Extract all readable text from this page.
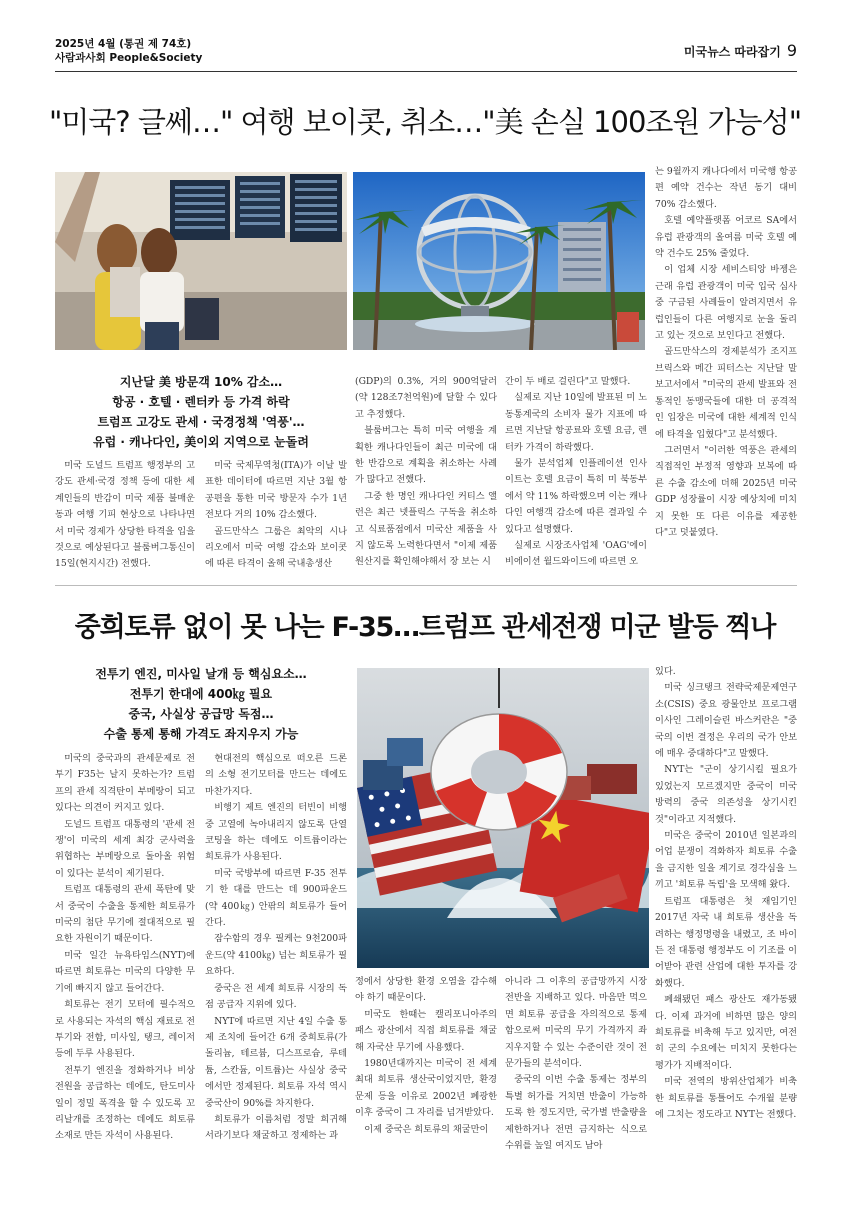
2025년 4월 (통권 제 74호)
사람과사회 People&Society	미국뉴스 따라잡기 9
"미국? 글쎄…" 여행 보이콧, 취소…"美 손실 100조원 가능성"
지난달 美 방문객 10% 감소…
항공 · 호텔 · 렌터카 등 가격 하락
트럼프 고강도 관세 · 국경정책 '역풍'…
유럽 · 캐나다인, 美이외 지역으로 눈돌려

미국 도널드 트럼프 행정부의 고강도 관세·국경 정책 등에 대한 세계인들의 반감이 미국 제품 불매운동과 여행 기피 현상으로 나타나면서 미국 경제가 상당한 타격을 입을 것으로 예상된다고 블룸버그통신이 15일(현지시간) 전했다.

미국 국제무역청(ITA)가 이날 발표한 데이터에 따르면 지난 3월 항공편을 통한 미국 방문자 수가 1년 전보다 거의 10% 감소했다.

골드만삭스 그룹은 최악의 시나리오에서 미국 여행 감소와 보이콧에 따른 타격이 올해 국내총생산

(GDP)의 0.3%, 거의 900억달러(약 128조7천억원)에 달할 수 있다고 추정했다.

블룸버그는 특히 미국 여행을 계획한 캐나다인들이 최근 미국에 대한 반감으로 계획을 취소하는 사례가 많다고 전했다.

그중 한 명인 캐나다인 커티스 앨런은 최근 넷플릭스 구독을 취소하고 식료품점에서 미국산 제품을 사지 않도록 노력한다면서 "이제 제품 원산지를 확인해야해서 장 보는 시

간이 두 배로 걸린다"고 말했다.

실제로 지난 10일에 발표된 미 노동통계국의 소비자 물가 지표에 따르면 지난달 항공료와 호텔 요금, 렌터카 가격이 하락했다.

물가 분석업체 인플레이션 인사이트는 호텔 요금이 특히 미 북동부에서 약 11% 하락했으며 이는 캐나다인 여행객 감소에 따른 결과일 수 있다고 설명했다.

실제로 시장조사업체 'OAG'에이비에이션 월드와이드에 따르면 오

는 9월까지 캐나다에서 미국행 항공편 예약 건수는 작년 동기 대비 70% 감소했다.

호텔 예약플랫폼 어코르 SA에서 유럽 관광객의 올여름 미국 호텔 예약 건수도 25% 줄었다.

이 업체 시장 세비스티앙 바젱은 근래 유럽 관광객이 미국 입국 심사 중 구금된 사례들이 알려지면서 유럽인들이 다른 여행지로 눈을 돌리고 있는 것으로 보인다고 전했다.

골드만삭스의 경제분석가 조지프 브릭스와 메간 피터스는 지난달 말 보고서에서 "미국의 관세 발표와 전통적인 동맹국들에 대한 더 공격적인 입장은 미국에 대한 세계적 인식에 타격을 입혔다"고 분석했다.

그러면서 "이러한 역풍은 관세의 직접적인 부정적 영향과 보복에 따른 수출 감소에 더해 2025년 미국 GDP 성장률이 시장 예상치에 미치지 못한 또 다른 이유를 제공한다"고 덧붙였다.

중희토류 없이 못 나는 F-35…트럼프 관세전쟁 미군 발등 찍나
전투기 엔진, 미사일 날개 등 핵심요소…
전투기 한대에 400㎏ 필요
중국, 사실상 공급망 독점…
수출 통제 통해 가격도 좌지우지 가능

미국의 중국과의 관세문제로 전투기 F35는 날지 못하는가? 트럼프의 관세 직격탄이 부메랑이 되고 있다는 의견이 커지고 있다.

도널드 트럼프 대통령의 '관세 전쟁'이 미국의 세계 최강 군사력을 위협하는 부메랑으로 돌아올 위험이 있다는 분석이 제기된다.

트럼프 대통령의 관세 폭탄에 맞서 중국이 수출을 통제한 희토류가 미국의 첨단 무기에 절대적으로 필요한 자원이기 때문이다.

미국 일간 뉴욕타임스(NYT)에 따르면 희토류는 미국의 다양한 무기에 빠지지 않고 들어간다.

희토류는 전기 모터에 필수적으로 사용되는 자석의 핵심 재료로 전투기와 전함, 미사일, 탱크, 레이저 등에 두루 사용된다.

전투기 엔진을 정화하거나 비상 전원을 공급하는 데에도, 탄도미사일이 정밀 폭격을 할 수 있도록 꼬리날개를 조정하는 데에도 희토류 소재로 만든 자석이 사용된다.

현대전의 핵심으로 떠오른 드론의 소형 전기모터를 만드는 데에도 마찬가지다.

비행기 제트 엔진의 터빈이 비행 중 고열에 녹아내리지 않도록 단열 코팅을 하는 데에도 이트륨이라는 희토류가 사용된다.

미국 국방부에 따르면 F-35 전투기 한 대를 만드는 데 900파운드(약 400㎏) 안팎의 희토류가 들어간다.

잠수함의 경우 필케는 9천200파운드(약 4100㎏) 넘는 희토류가 필요하다.

중국은 전 세계 희토류 시장의 독점 공급자 지위에 있다.

NYT에 따르면 지난 4일 수출 통제 조치에 들어간 6개 중희토류(가돌리늄, 테르븀, 디스프로슘, 루테튬, 스칸듐, 이트륨)는 사실상 중국에서만 정제된다. 희토류 자석 역시 중국산이 90%를 차지한다.

희토류가 이름처럼 정말 희귀해서라기보다 채굴하고 정제하는 과

정에서 상당한 환경 오염을 감수해야 하기 때문이다.

미국도 한때는 캘리포니아주의 패스 광산에서 직접 희토류를 채굴해 자국산 무기에 사용했다.

1980년대까지는 미국이 전 세계 최대 희토류 생산국이었지만, 환경 문제 등을 이유로 2002년 폐광한 이후 중국이 그 자리를 넘겨받았다.

이제 중국은 희토류의 채굴만이

아니라 그 이후의 공급망까지 시장 전반을 지배하고 있다. 마음만 먹으면 희토류 공급을 자의적으로 통제함으로써 미국의 무기 가격까지 좌지우지할 수 있는 수준이란 것이 전문가들의 분석이다.

중국의 이번 수출 통제는 정부의 특별 허가를 거치면 반출이 가능하도록 한 정도지만, 국가별 반출량을 제한하거나 전면 금지하는 식으로 수위를 높일 여지도 남아

있다.

미국 싱크탱크 전략국제문제연구소(CSIS) 중요 광물안보 프로그램 이사인 그레이슬린 바스커란은 "중국의 이번 결정은 우리의 국가 안보에 매우 중대하다"고 말했다.

NYT는 "군이 상기시킬 필요가 있었는지 모르겠지만 중국이 미국 방력의 중국 의존성을 상기시킨 것"이라고 지적했다.

미국은 중국이 2010년 일본과의 어업 분쟁이 격화하자 희토류 수출을 금지한 일을 계기로 경각심을 느끼고 '희토류 독립'을 모색해 왔다.

트럼프 대통령은 첫 재임기인 2017년 자국 내 희토류 생산을 독려하는 행정명령을 내렸고, 조 바이든 전 대통령 행정부도 이 기조를 이어받아 관련 산업에 대한 투자를 강화했다.

폐쇄됐던 패스 광산도 재가동됐다. 이제 과거에 비하면 많은 양의 희토류를 비축해 두고 있지만, 여전히 군의 수요에는 미치지 못한다는 평가가 지배적이다.

미국 전역의 방위산업체가 비축한 희토류를 통틀어도 수개월 분량에 그치는 정도라고 NYT는 전했다.
